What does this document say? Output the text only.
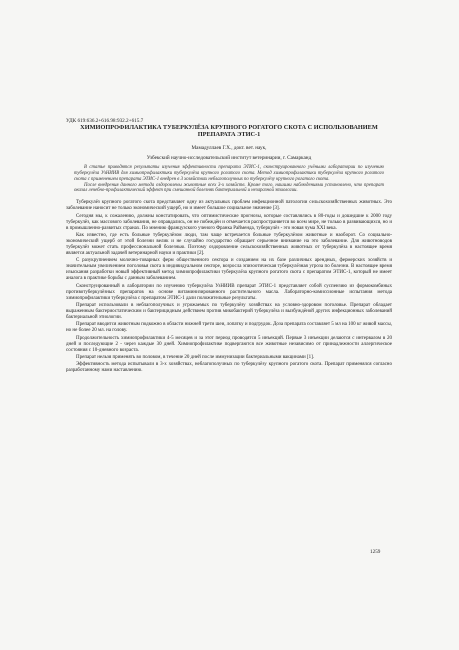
УДК 619:636.2+616.98:932.2+615.7
ХИМИОПРОФИЛАКТИКА ТУБЕРКУЛЁЗА КРУПНОГО РОГАТОГО СКОТА С ИСПОЛЬЗОВАНИЕМ ПРЕПАРАТА ЭТИС-1
Мамадуллаев Г.Х., докт. вет. наук,
Узбекский научно-исследовательский институт ветеринарии, г. Самарканд

В статье приводятся результаты изучения эффективности препарата ЭТИС-1, сконструированного учёными лаборатории по изучению туберкулёза УзНИИВ для химиопрофилактики туберкулёза крупного рогатого скота. Метод химиопрофилактики туберкулёза крупного рогатого скота с применением препарата ЭТИС-1 внедрен в 3 хозяйствах неблагополучных по туберкулёзу крупного рогатого скота.

После внедрения данного метода оздоровлены животные всех 3-х хозяйств. Кроме того, нашими наблюдениями установлено, что препарат оказал лечебно-профилактический эффект при смешанной болезнях бактериальной и незаразной этиологии.

Туберкулёз крупного рогатого скота представляет одну из актуальных проблем инфекционной патологии сельскохозяйственных животных. Это заболевание наносит не только экономический ущерб, но и имеет большое социальное значение [3].

Сегодня мы, к сожалению, должны констатировать, что оптимистические прогнозы, которые составлялись в 80-годы и дошедшие к 2000 году туберкулёз, как массового заболевания, не оправдались, он не побеждён и отмечается распространяется во всем мире, не только в развивающихся, но и в промышленно-развитых странах. По мнению французского ученого Франка Райменда, туберкулёз - это новая чума XXI века.

Как известно, где есть больные туберкулёзом люди, там чаще встречается больные туберкулёзом животные и наоборот. Со социально-экономический ущерб от этой болезни велик и не случайно государство обращает серьезное внимание на это заболевание. Для животноводов туберкулёз может стать профессиональной болезнью. Поэтому оздоровление сельскохозяйственных животных от туберкулёза в настоящее время является актуальной задачей ветеринарной науки и практики [2].

С разукрупнением молочно-товарных ферм общественного сектора и созданием на их базе различных арендных, фермерских хозяйств и значительным увеличением поголовья скота в индивидуальном секторе, возросла эпизоотическая туберкулёзная угроза по болезни. В настоящее время изыскания разработки новый эффективный метод химиопрофилактики туберкулёза крупного рогатого скота с препаратом ЭТИС-1, который не имеет аналога в практике борьбы с данным заболеванием.

Сконструированный в лаборатории по изучению туберкулёза УзНИИВ препарат ЭТИС-1 представляет собой суспензию из формокомбиных противотуберкулёзных препаратов на основе витаминизированного растительного масла. Лабораторно-комиссионные испытания метода химиопрофилактики туберкулёза с препаратом ЭТИС-1 дали положительные результаты.

Препарат использовали в неблагополучных и угрожаемых по туберкулёзу хозяйствах на условно-здоровом поголовье. Препарат обладает выраженным бактериостатическим и бактерицидным действием против микобактерий туберкулёза и вызбуждёной других инфекционных заболеваний бактериальной этиологии.

Препарат вводится животным подкожно в области нижней трети шеи, лопатку и подгрудок. Доза препарата составляет 5 мл на 100 кг живой массы, но не более 20 мл. на голову.

Продолжительность химиопрофилактики 4-5 месяцев и за этот период проводятся 5 инъекций. Первые 3 инъекции делаются с интервалом в 20 дней и последующие 2 - через каждые 30 дней. Химиопрофилактике подвергаются все животные независимо от принадлежности аллергическое состояния с 10-дневного возраста.

Препарат нельзя применять во половом, в течение 20 дней после иммунизации бактериальными вакцинами [1].

Эффективность метода испытывали в 3-х хозяйствах, неблагополучных по туберкулёзу крупного рогатого скота. Препарат применялся согласно разработанному нами наставлению.

1259
